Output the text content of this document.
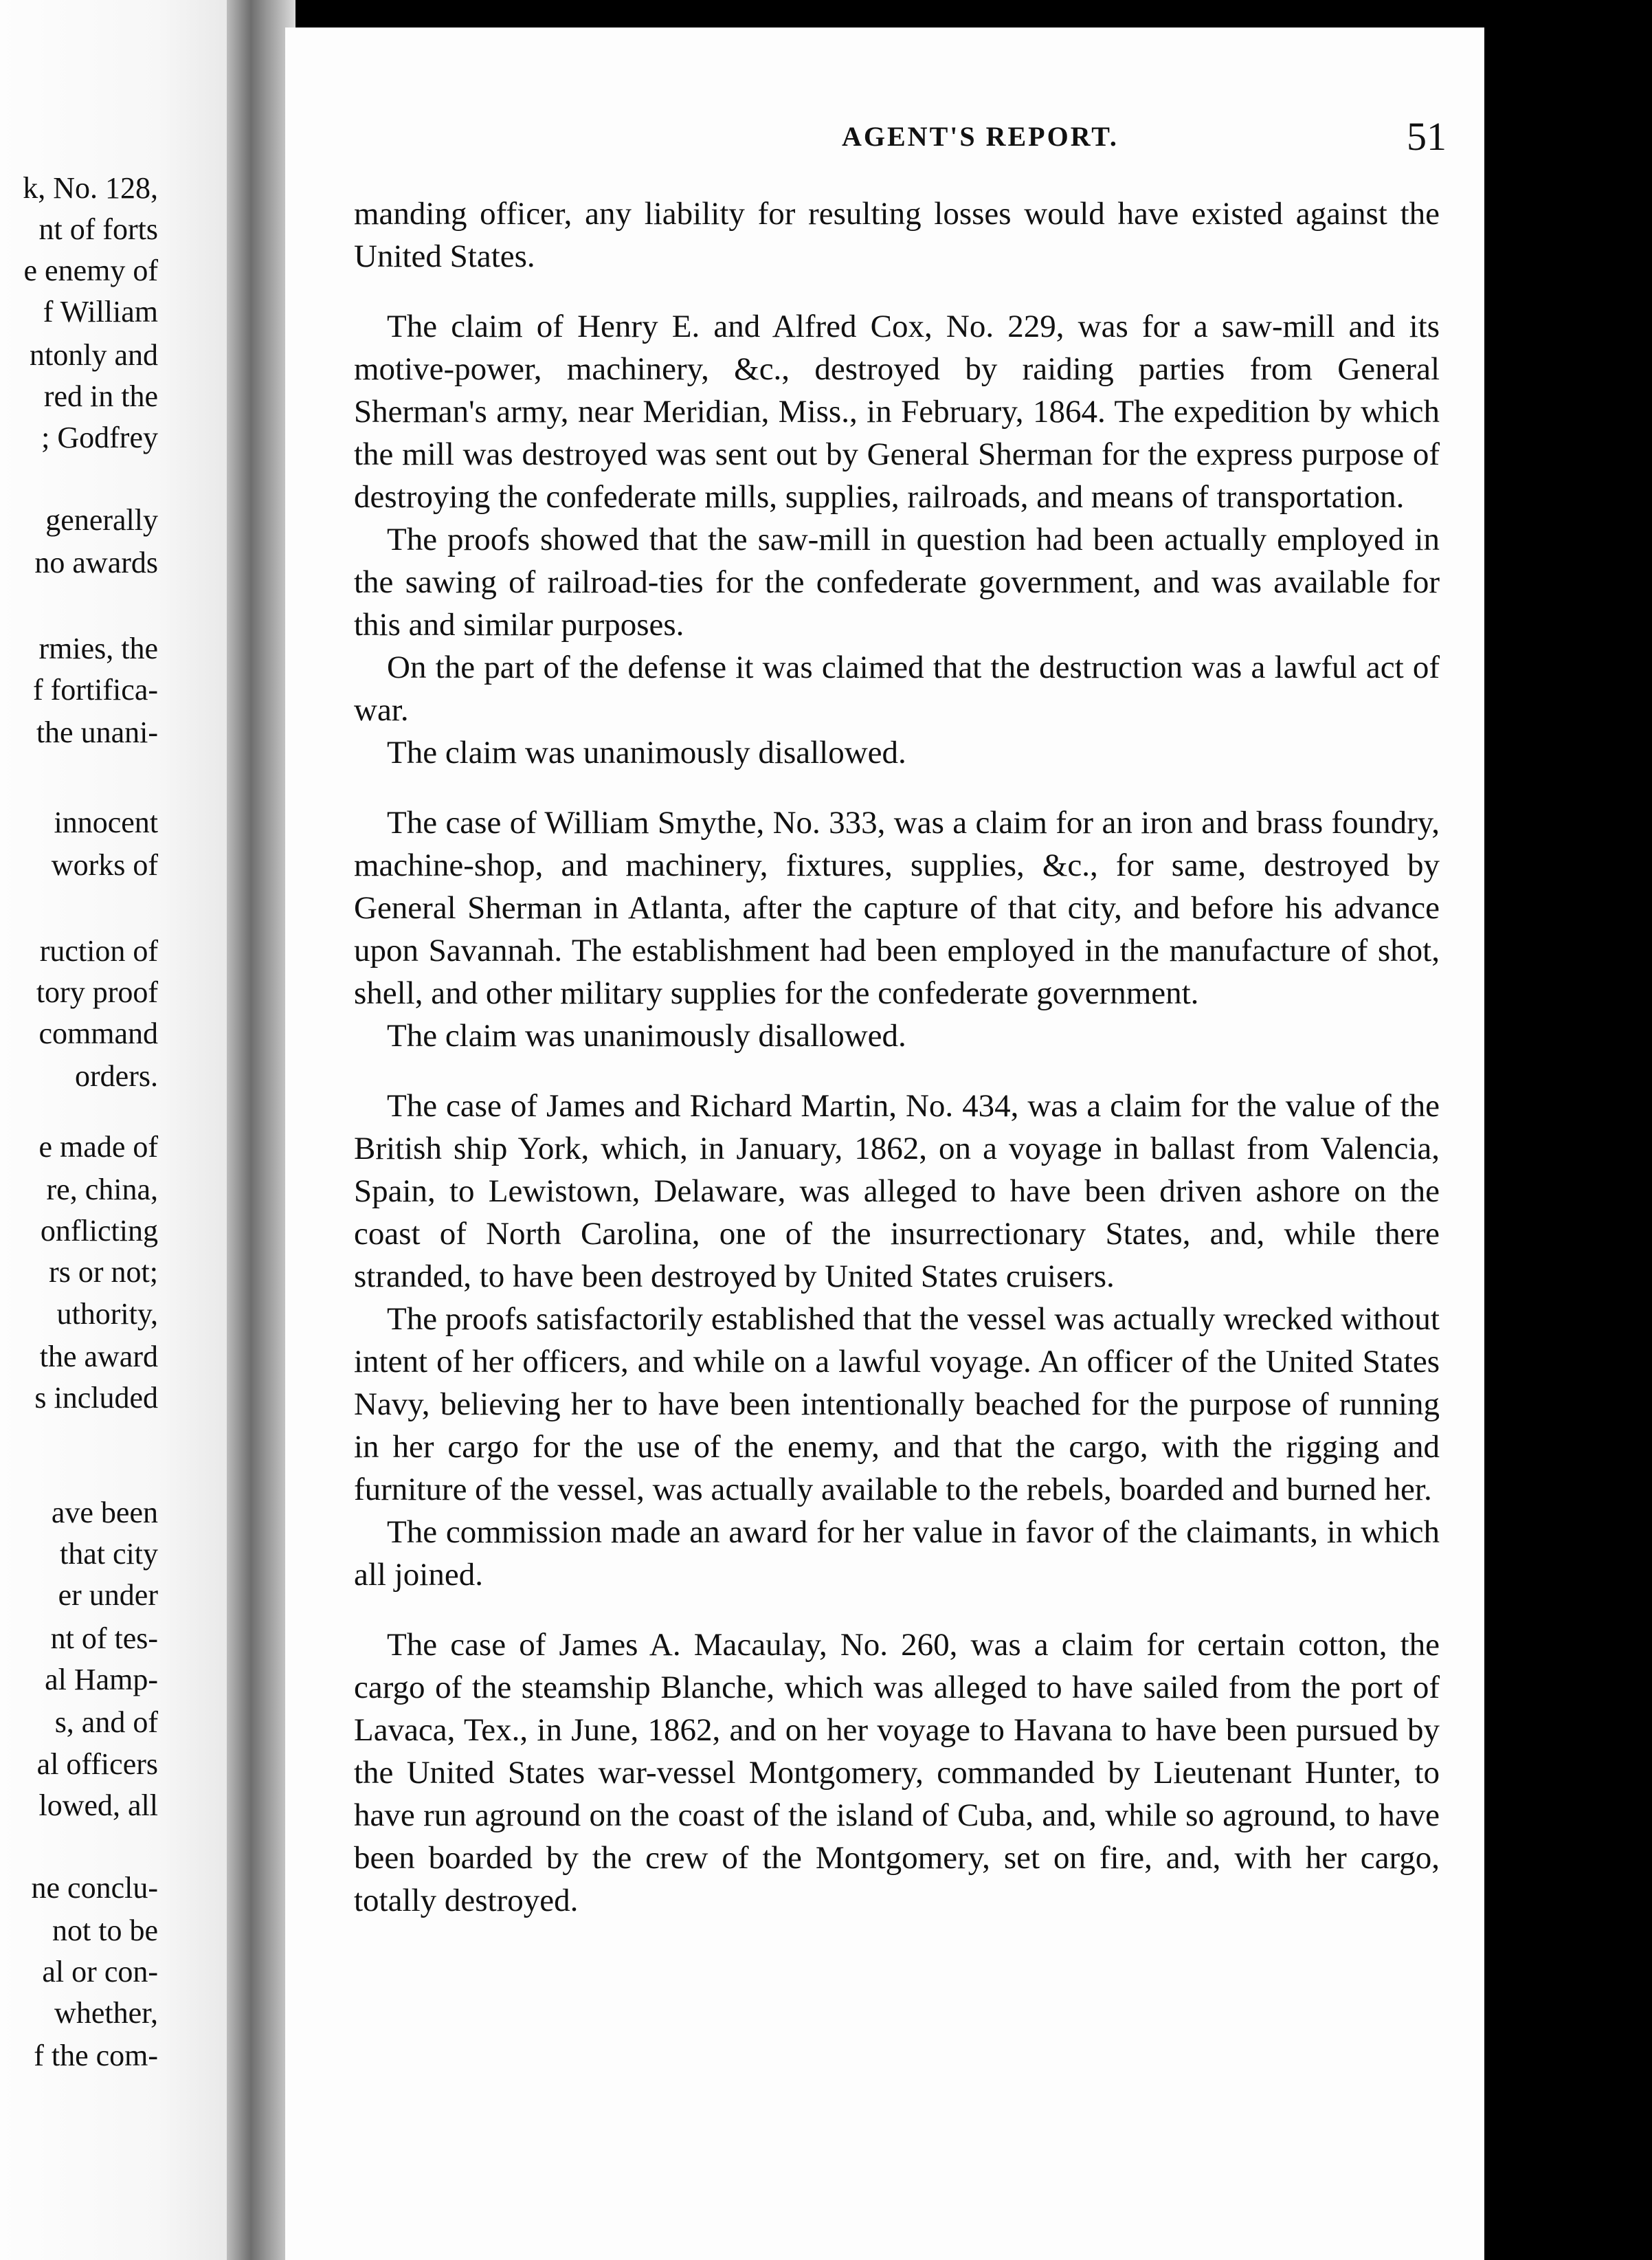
k, No. 128,
nt of forts
e enemy of
f William
ntonly and
red in the
; Godfrey
generally
no awards
rmies, the
f fortifica-
the unani-
innocent
works of
ruction of
tory proof
command
orders.
e made of
re, china,
onflicting
rs or not;
uthority,
the award
s included
ave been
that city
er under
nt of tes-
al Hamp-
s, and of
al officers
lowed, all
ne conclu-
not to be
al or con-
whether,
f the com-
AGENT'S REPORT.	51

manding officer, any liability for resulting losses would have existed against the United States.

The claim of Henry E. and Alfred Cox, No. 229, was for a saw-mill and its motive-power, machinery, &c., destroyed by raiding parties from General Sherman's army, near Meridian, Miss., in February, 1864. The expedition by which the mill was destroyed was sent out by General Sherman for the express purpose of destroying the confederate mills, supplies, railroads, and means of transportation.

The proofs showed that the saw-mill in question had been actually employed in the sawing of railroad-ties for the confederate government, and was available for this and similar purposes.

On the part of the defense it was claimed that the destruction was a lawful act of war.

The claim was unanimously disallowed.

The case of William Smythe, No. 333, was a claim for an iron and brass foundry, machine-shop, and machinery, fixtures, supplies, &c., for same, destroyed by General Sherman in Atlanta, after the capture of that city, and before his advance upon Savannah. The establishment had been employed in the manufacture of shot, shell, and other military supplies for the confederate government.

The claim was unanimously disallowed.

The case of James and Richard Martin, No. 434, was a claim for the value of the British ship York, which, in January, 1862, on a voyage in ballast from Valencia, Spain, to Lewistown, Delaware, was alleged to have been driven ashore on the coast of North Carolina, one of the insurrectionary States, and, while there stranded, to have been destroyed by United States cruisers.

The proofs satisfactorily established that the vessel was actually wrecked without intent of her officers, and while on a lawful voyage. An officer of the United States Navy, believing her to have been intentionally beached for the purpose of running in her cargo for the use of the enemy, and that the cargo, with the rigging and furniture of the vessel, was actually available to the rebels, boarded and burned her.

The commission made an award for her value in favor of the claimants, in which all joined.

The case of James A. Macaulay, No. 260, was a claim for certain cotton, the cargo of the steamship Blanche, which was alleged to have sailed from the port of Lavaca, Tex., in June, 1862, and on her voyage to Havana to have been pursued by the United States war-vessel Montgomery, commanded by Lieutenant Hunter, to have run aground on the coast of the island of Cuba, and, while so aground, to have been boarded by the crew of the Montgomery, set on fire, and, with her cargo, totally destroyed.
